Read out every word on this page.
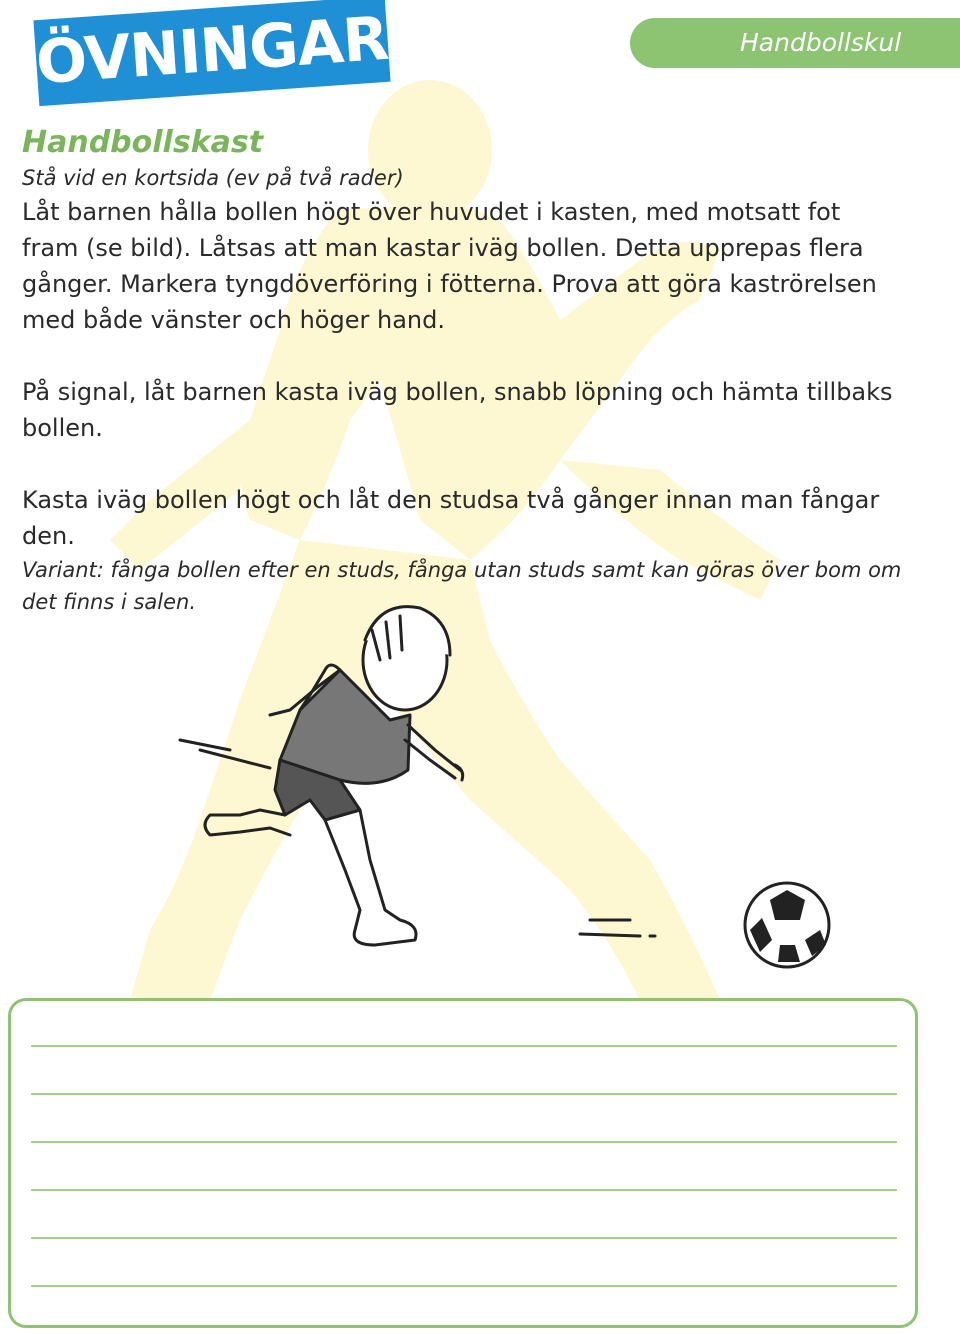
ÖVNINGAR	Handbollskul
Handbollskast

Stå vid en kortsida (ev på två rader)

Låt barnen hålla bollen högt över huvudet i kasten, med motsatt fot fram (se bild). Låtsas att man kastar iväg bollen. Detta upprepas flera gånger. Markera tyngdöverföring i fötterna. Prova att göra kaströrelsen med både vänster och höger hand.

På signal, låt barnen kasta iväg bollen, snabb löpning och hämta tillbaks bollen.

Kasta iväg bollen högt och låt den studsa två gånger innan man fångar den.

Variant: fånga bollen efter en studs, fånga utan studs samt kan göras över bom om det finns i salen.
